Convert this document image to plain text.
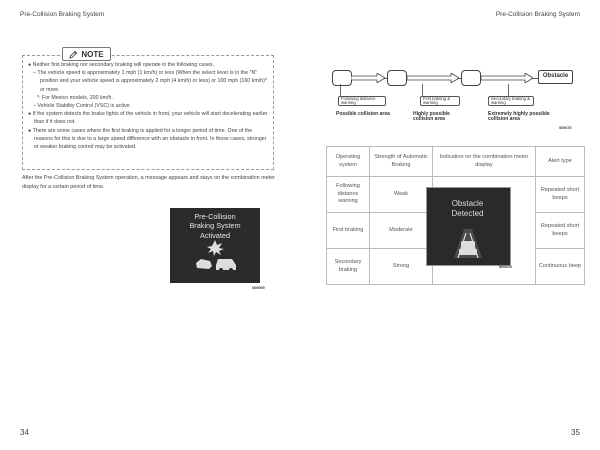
Pre-Collision Braking System	Pre-Collision Braking System
NOTE
● Neither first braking nor secondary braking will operate in the following cases.
– The vehicle speed is approximately 1 mph (1 km/h) or less (When the select lever is in the "N" position and your vehicle speed is approximately 2 mph (4 km/h) or less) or 100 mph (160 km/h)* or more.
*: For Mexico models, 200 km/h.
– Vehicle Stability Control (VSC) is active.
● If the system detects the brake lights of the vehicle in front, your vehicle will start decelerating earlier than if it does not.
● There are some cases where the first braking is applied for a longer period of time. One of the reasons for this is due to a large speed difference with an obstacle in front. In those cases, stronger or weaker braking control may be activated.
After the Pre-Collision Braking System operation, a message appears and stays on the combination meter display for a certain period of time.
Pre-Collision
Braking System
Activated
N00009
Obstacle
Following distance warning
First braking & warning
Secondary braking & warning
Possible collision area	Highly possible collision area
Extremely highly possible collision area
S00675
Operating system	Strength of Automatic Braking	Indication on the combination meter display	Alert type
Following distance warning	Weak		Repeated short beeps
First braking	Moderate		Repeated short beeps
Secondary braking	Strong		Continuous beep
Obstacle
Detected
M00010
34	35
